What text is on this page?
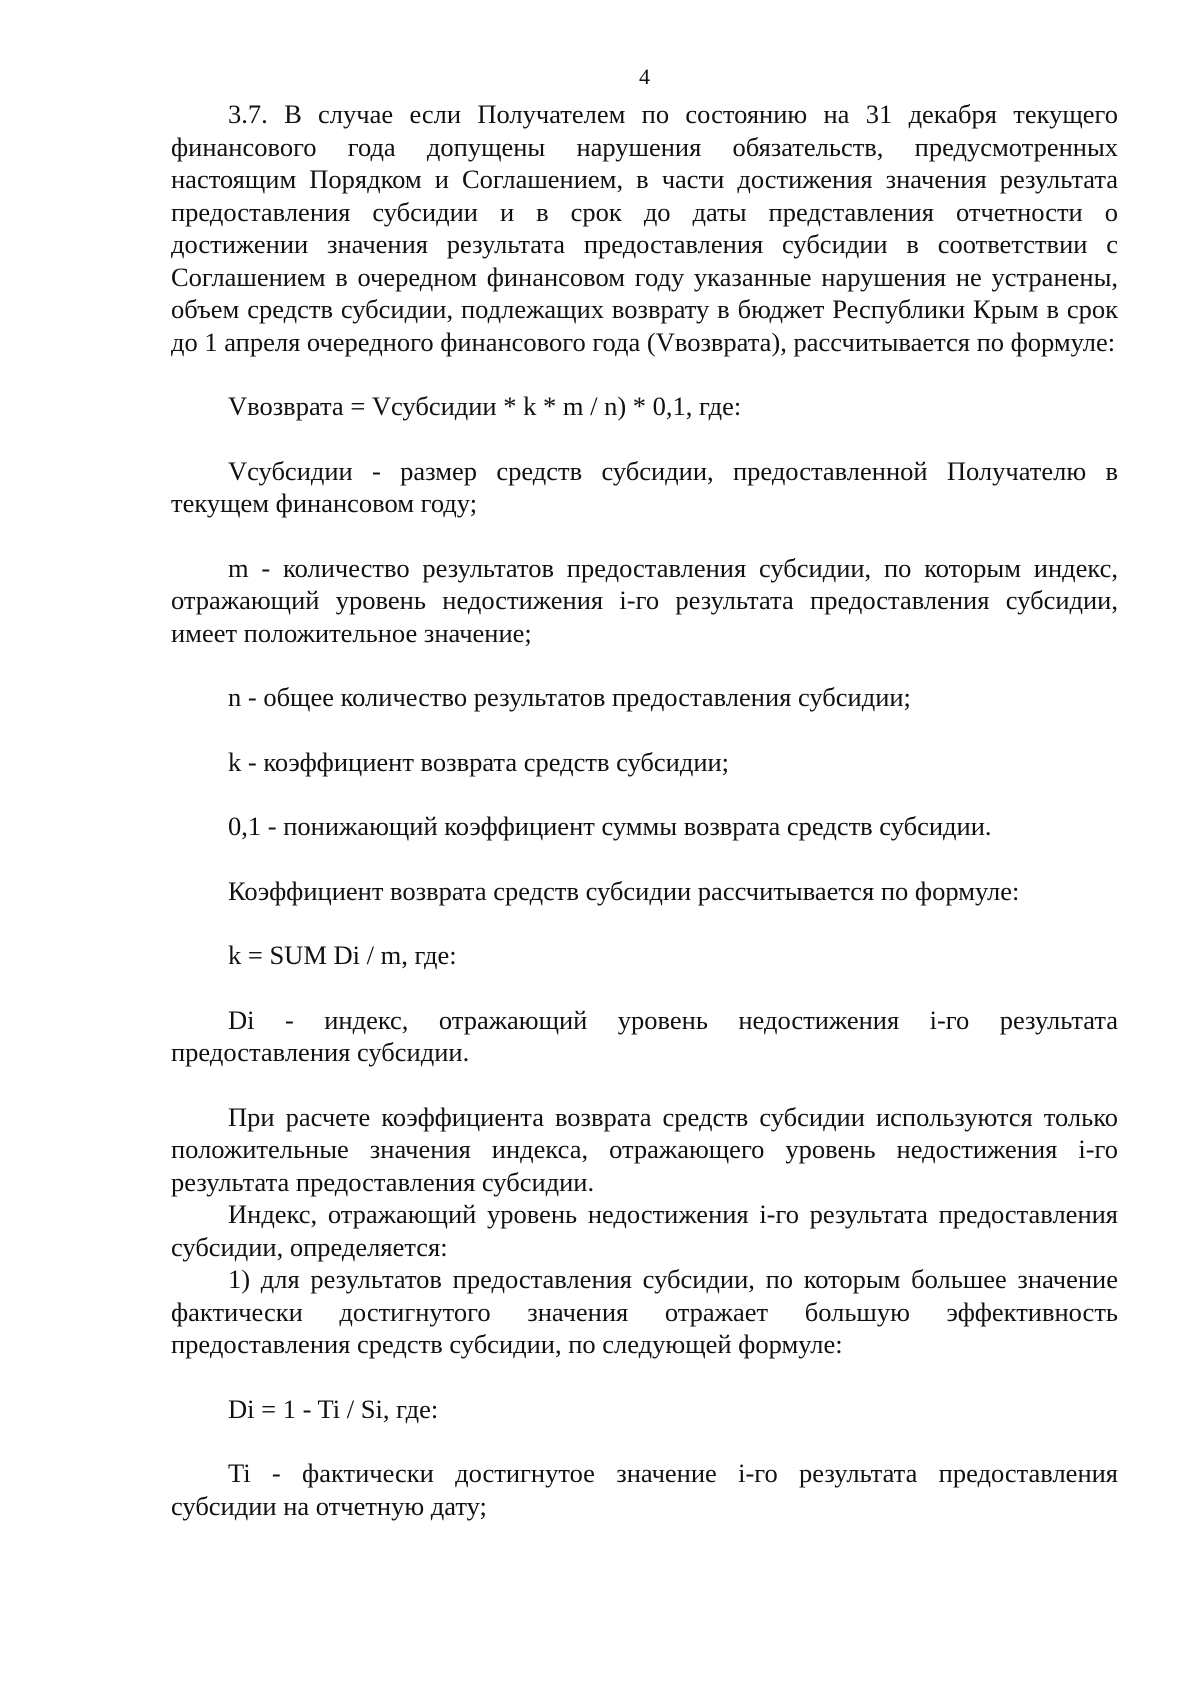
4

3.7. В случае если Получателем по состоянию на 31 декабря текущего финансового года допущены нарушения обязательств, предусмотренных настоящим Порядком и Соглашением, в части достижения значения результата предоставления субсидии и в срок до даты представления отчетности о достижении значения результата предоставления субсидии в соответствии с Соглашением в очередном финансовом году указанные нарушения не устранены, объем средств субсидии, подлежащих возврату в бюджет Республики Крым в срок до 1 апреля очередного финансового года (Vвозврата), рассчитывается по формуле:

Vвозврата = Vсубсидии * k * m / n) * 0,1, где:

Vсубсидии - размер средств субсидии, предоставленной Получателю в текущем финансовом году;

m - количество результатов предоставления субсидии, по которым индекс, отражающий уровень недостижения i-го результата предоставления субсидии, имеет положительное значение;

n - общее количество результатов предоставления субсидии;

k - коэффициент возврата средств субсидии;

0,1 - понижающий коэффициент суммы возврата средств субсидии.

Коэффициент возврата средств субсидии рассчитывается по формуле:

k = SUM Di / m, где:

Di - индекс, отражающий уровень недостижения i-го результата предоставления субсидии.

При расчете коэффициента возврата средств субсидии используются только положительные значения индекса, отражающего уровень недостижения i-го результата предоставления субсидии.

Индекс, отражающий уровень недостижения i-го результата предоставления субсидии, определяется:

1) для результатов предоставления субсидии, по которым большее значение фактически достигнутого значения отражает большую эффективность предоставления средств субсидии, по следующей формуле:

Di = 1 - Ti / Si, где:

Ti - фактически достигнутое значение i-го результата предоставления субсидии на отчетную дату;
